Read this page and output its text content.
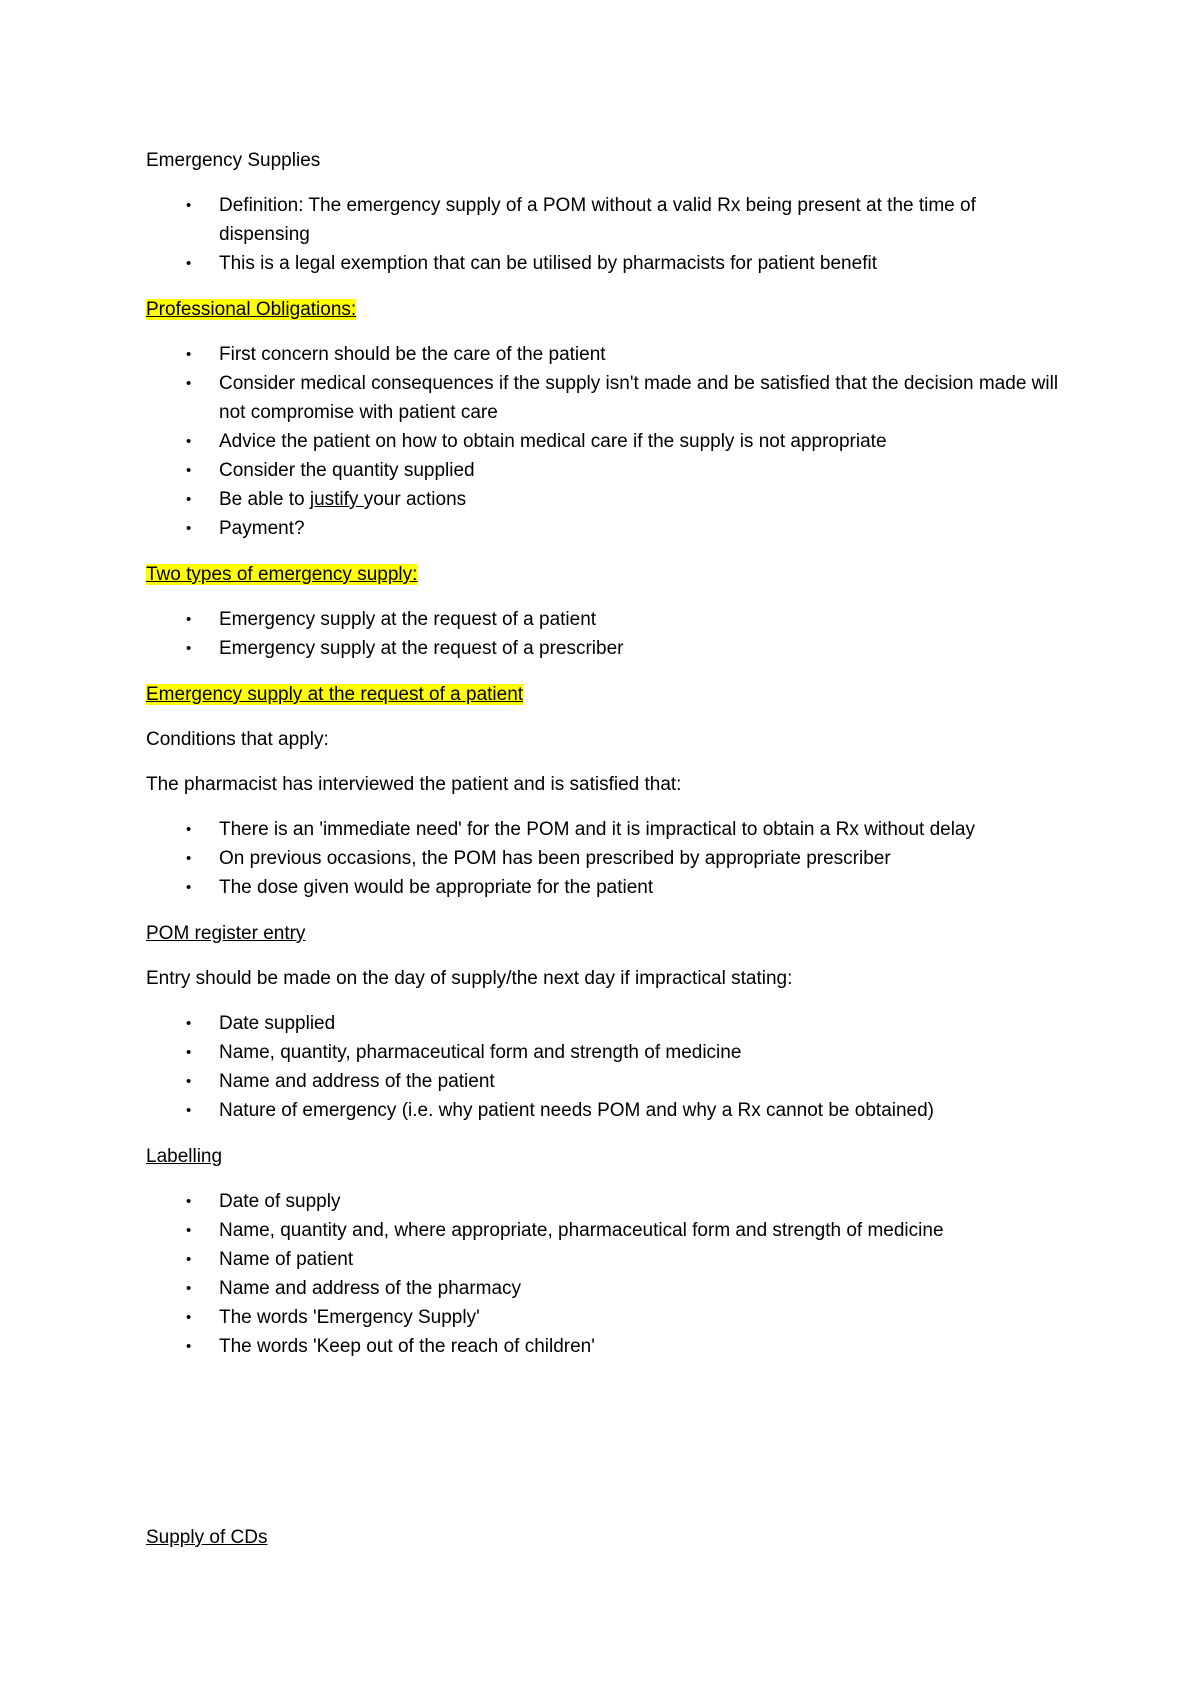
Emergency Supplies

• Definition: The emergency supply of a POM without a valid Rx being present at the time of dispensing
• This is a legal exemption that can be utilised by pharmacists for patient benefit

Professional Obligations:

• First concern should be the care of the patient
• Consider medical consequences if the supply isn't made and be satisfied that the decision made will not compromise with patient care
• Advice the patient on how to obtain medical care if the supply is not appropriate
• Consider the quantity supplied
• Be able to justify your actions
• Payment?

Two types of emergency supply:

• Emergency supply at the request of a patient
• Emergency supply at the request of a prescriber

Emergency supply at the request of a patient

Conditions that apply:

The pharmacist has interviewed the patient and is satisfied that:

• There is an 'immediate need' for the POM and it is impractical to obtain a Rx without delay
• On previous occasions, the POM has been prescribed by appropriate prescriber
• The dose given would be appropriate for the patient

POM register entry

Entry should be made on the day of supply/the next day if impractical stating:

• Date supplied
• Name, quantity, pharmaceutical form and strength of medicine
• Name and address of the patient
• Nature of emergency (i.e. why patient needs POM and why a Rx cannot be obtained)

Labelling

• Date of supply
• Name, quantity and, where appropriate, pharmaceutical form and strength of medicine
• Name of patient
• Name and address of the pharmacy
• The words 'Emergency Supply'
• The words 'Keep out of the reach of children'

Supply of CDs
